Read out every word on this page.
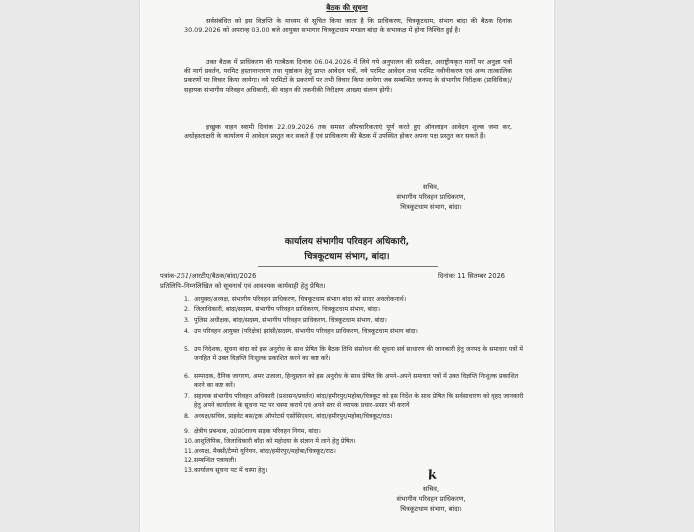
बैठक की सूचना
सर्वसंबंधित को इस विज्ञप्ति के माध्यम से सूचित किया जाता है कि प्राधिकरण, चित्रकूटधाम, संभाग बांदा की बैठक दिनांक 30.09.2026 को अपरान्ह 03.00 बजे आयुक्त सभागार चित्रकूटधाम मण्डल बांदा के सभाकक्ष में होना निश्चित हुई है।
उक्त बैठक में प्राधिकरण की गतबैठक दिनांक 06.04.2026 में लिये गये अनुपालन की समीक्षा, अराष्ट्रीयकृत मार्गों पर अनुज्ञा पत्रों की मार्ग प्रवर्तन, परमिट हस्तानान्तरण तथा पृष्ठांकन हेतु प्राप्त आवेदन पत्रों, नये परमिट आवेदन तथा परमिट नवीनीकरण एवं अन्य तात्कालिक प्रकरणों पर विचार किया जायेगा। नये परमिटों के प्रकरणों पर तभी विचार किया जायेगा जब सम्बन्धित जनपद के संभागीय निरीक्षक (प्राविधिक)/सहायक संभागीय परिवहन अधिकारी, की वाहन की तकनीकी निरीक्षण आख्या संलग्न होगी।
इच्छुक वाहन स्वामी दिनांक 22.09.2026 तक समस्त औपचारिकताएं पूर्ण करते हुए ऑनलाइन आवेदन शुल्क जमा कर, अधोहस्ताक्षरी के कार्यालय में आवेदन प्रस्तुत कर सकते हैं एवं प्राधिकरण की बैठक में उपस्थित होकर अपना पक्ष प्रस्तुत कर सकते हैं।
सचिव,
संभागीय परिवहन प्राधिकरण,
चित्रकूटधाम संभाग, बांदा।
कार्यालय संभागीय परिवहन अधिकारी,
चित्रकूटधाम संभाग, बांदा।
पत्रांक-251/आरटीए/बैठक/बांदा/2026	दिनांकः 11 सितम्बर 2026
प्रतिलिपि–निम्नलिखित को सूचनार्थ एवं आवश्यक कार्यवाही हेतु प्रेषित।
1. आयुक्त/अध्यक्ष, संभागीय परिवहन प्राधिकरण, चित्रकूटधाम संभाग बांदा को सादर अवलोकनार्थ।
2. जिलाधिकारी, बांदा/सदस्य, संभागीय परिवहन प्राधिकरण, चित्रकूटधाम संभाग, बांदा।
3. पुलिस अधीक्षक, बांदा/सदस्य, संभागीय परिवहन प्राधिकरण, चित्रकूटधाम संभाग, बांदा।
4. उप परिवहन आयुक्त (परिक्षेत्र) झांसी/सदस्य, संभागीय परिवहन प्राधिकरण, चित्रकूटधाम संभाग बांदा।
5. उप निदेशक, सूचना बांदा को इस अनुरोध के साथ प्रेषित कि बैठक तिथि संसोधन की सूचना सर्व साधारण की जानकारी हेतु जनपद के समाचार पत्रों में जनहित में उक्त विज्ञप्ति निःशुल्क प्रकाशित करने का कष्ट करें।
6. सम्पादक, दैनिक जागरण, अमर उजाला, हिन्दुस्तान को इस अनुरोध के साथ प्रेषित कि अपने–अपने समाचार पत्रों में उक्त विज्ञप्ति निःशुल्क प्रकाशित करने का कष्ट करें।
7. सहायक संभागीय परिवहन अधिकारी (प्रशासन/प्रवर्तन) बांदा/हमीरपुर/महोबा/चित्रकूट को इस निर्देश के साथ प्रेषित कि सर्वसाधारण को वृहद जानकारी हेतु अपने कार्यालय के सूचना पट पर चस्पा करायें एवं अपने स्तर से व्यापक प्रचार–प्रसार भी करायें
8. अध्यक्ष/सचिव, प्राइवेट बस/ट्रक ऑपरेटर्स एसोसिएशन, बांदा/हमीरपुर/महोबा/चित्रकूट/राठ।
9. क्षेत्रीय प्रबन्धक, उ0प्र0राज्य सड़क परिवहन निगम, बांदा।
10. आशुलिपिक, जिलाधिकारी बाँदा को महोदया के संज्ञान में लाने हेतु प्रेषित।
11. अध्यक्ष, मैक्सी/टैम्पो यूनियन, बांदा/हमीरपुर/महोबा/चित्रकूट/राठ।
12. सम्बन्धित पत्रावली।
13. कार्यालय सूचना पट में चस्पा हेतु।	k
सचिव,
संभागीय परिवहन प्राधिकरण,
चित्रकूटधाम संभाग, बांदा।
